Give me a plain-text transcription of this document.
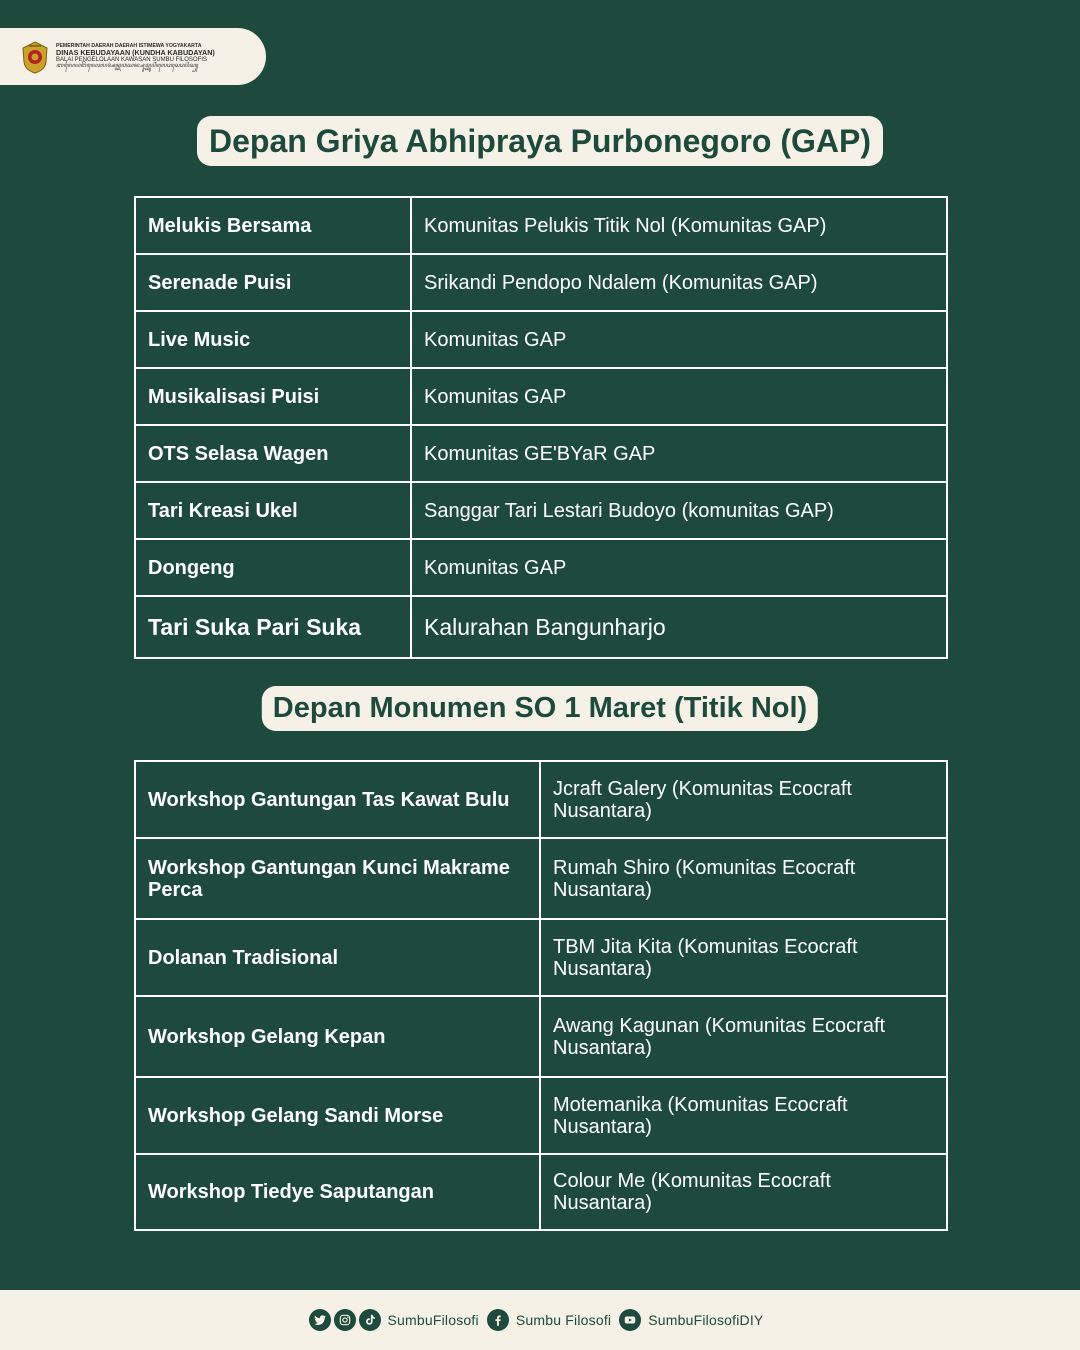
PEMERINTAH DAERAH DAERAH ISTIMEWA YOGYAKARTA
DINAS KEBUDAYAAN (KUNDHA KABUDAYAN)
BALAI PENGELOLAAN KAWASAN SUMBU FILOSOFIS
ꦧꦭꦻꦥꦔꦼꦭꦺꦴꦭꦄꦤ꧀ꦏꦮꦱꦤ꧀ꦱꦸꦩ꧀ꦧꦸꦥ꦳ꦶꦭꦺꦴꦱꦺꦴꦥ꦳ꦶꦱ꧀
Depan Griya Abhipraya Purbonegoro (GAP)
Melukis Bersama	Komunitas Pelukis Titik Nol (Komunitas GAP)
Serenade Puisi	Srikandi Pendopo Ndalem (Komunitas GAP)
Live Music	Komunitas GAP
Musikalisasi Puisi	Komunitas GAP
OTS Selasa Wagen	Komunitas GE'BYaR GAP
Tari Kreasi Ukel	Sanggar Tari Lestari Budoyo (komunitas GAP)
Dongeng	Komunitas GAP
Tari Suka Pari Suka	Kalurahan Bangunharjo
Depan Monumen SO 1 Maret (Titik Nol)
Workshop Gantungan Tas Kawat Bulu	Jcraft Galery (Komunitas Ecocraft Nusantara)
Workshop Gantungan Kunci Makrame Perca	Rumah Shiro (Komunitas Ecocraft Nusantara)
Dolanan Tradisional	TBM Jita Kita (Komunitas Ecocraft Nusantara)
Workshop Gelang Kepan	Awang Kagunan (Komunitas Ecocraft Nusantara)
Workshop Gelang Sandi Morse	Motemanika (Komunitas Ecocraft Nusantara)
Workshop Tiedye Saputangan	Colour Me (Komunitas Ecocraft Nusantara)
SumbuFilosofi	Sumbu Filosofi	SumbuFilosofiDIY
